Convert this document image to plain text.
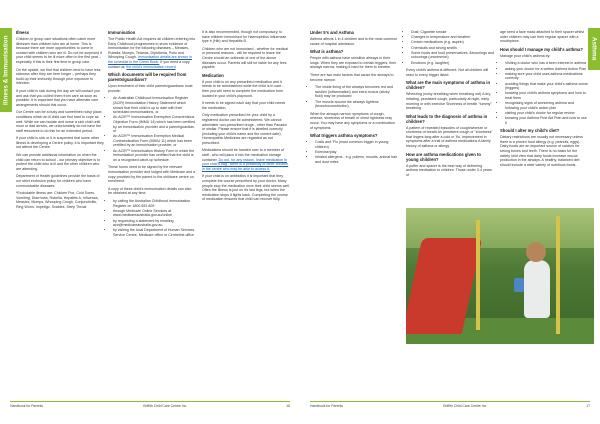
Illness & Immunisation
Illness

Children in group care situations often catch more illnesses than children who are at home. This is because there are more opportunities to come in contact with children who are ill. Do not be surprised if your child seems to be ill more often in the first year – especially if this is their first time in group care.

On the upside, we find that children tend to have less sickness after they are here longer – perhaps they build up their immunity through prior exposure to infection.

If your child is sick during the day we will contact you and ask that you collect them from care as soon as possible. It is important that you have alternate care arrangements should this occur.

Our Centre can be a busy and sometimes noisy place, conditions which an ill child can find hard to cope as well. While we can isolate and nurse a sick child until mum or dad arrives, we unfortunately do not have the staff resources to do this for an extended period.

If your child is sick or it is suspected that some other illness is developing a Centre policy, it is important they not attend the Centre.

We can provide additional information on when the child can return to school - our primary objective is to protect the child who is ill and the other children who are attending.

Department of Health guidelines provide the basis of our strict exclusion policy for children who have communicable diseases.

*Excludable illness are: Chicken Pox, Cold Sores, Vomiting, Diarrhoea, Rubella, Hepatitis A, Influenza, Measles, Mumps, Whooping Cough, Conjunctivitis, Ring Worm, Impetigo, Scabies, Strep Throat

Immunisation

The Public Health Act requires all children entering into Early Childhood programmes to show evidence of Immunisation for the following diseases – Measles, Rubella, Mumps, Tetanus, Diphtheria, Polio and Whooping Cough. Immunisation details are shown in the schedule in the Green Book. If you need a copy contact us. the child's immunisation record

Which documents will be required from parents/guardians?

Upon enrolment of their child parents/guardians must provide:

• An Australian Childhood Immunisation Register (ACIR) Immunisation History Statement which shows that their child is up to date with their scheduled immunisations, or
• An ACIR™ Immunisation Exemption Conscientious Objection Form (IMMU 14) which has been certified by an immunisation provider and a parent/guardian, or
• An ACIR™ Immunisation Exemption Medical Contraindication Form (IMMU 11) which has been certified by an immunisation provider, or
• An ACIR™ Immunisation History Form in which the immunisation provider has certified that the child is on a recognised catch-up schedule.

These forms need to be signed by the relevant immunisation provider and lodged with Medicare and a copy provided by the parent to the childcare centre on enrolment.

A copy of these child's immunisation details can also be obtained at any time:

• by calling the Australian Childhood Immunisation Register on 1800 653 809
• through Medicare Online Services at www.medicareaustralia.gov.au/online
• by requesting a statement by emailing acir@medicareaustralia.gov.au
• by visiting the local Department of Human Services Service Centre, Medicare office or Centrelink office

It is also recommended, though not compulsory, to have children immunised for Haemophilus influenzae type b (Hib) and Hepatitis B.

Children who are not immunised - whether for medical or personal reasons - will be required to leave the Centre should an outbreak of one of the above diseases occur. Parents will still be liable for any fees payable.

Medication

If your child is on any prescribed medication and it needs to be administered while the child is in care - then you will need to complete the medication form located in your child's playroom.

It needs to be signed each day that your child needs the medication.

Only medication prescribed for your child by a registered doctor can be administered. We cannot administer non-prescribed drugs - other than Panadol or similar. Please ensure that it is labelled correctly (including your child's name and the current date). Homeopathic Medicines are regarded as not prescribed.

Medications should be handed over to a member of staff - who will place it into the medication storage container. Do not, for any reason, leave medication in your child's bag - there is a possibility of other children in the centre who may be able to access it.

If your child is on antibiotics it is important that they complete the course prescribed by your doctor. Many people stop the medication once their child seems well. Often the illness is just on it's last legs, but when the medication stops it fights back. Completing the course of medication ensures that child can recover fully.

Handbook for Parents	Griffith Child Care Centre Inc	16
Asthma
Under 5's and Asthma

Asthma affects 1 in 4 children and is the most common cause of hospital admission.

What is asthma?

People with asthma have sensitive airways in their lungs. When they are exposed to certain triggers, their airways narrow, making it hard for them to breathe.

There are two main factors that cause the airways to become narrow:

• The inside lining of the airways becomes red and swollen (inflammation) and extra mucus (sticky fluid) may be produced
• The muscle around the airways tightens (bronchoconstriction).

When the airways narrow, symptoms of cough, wheeze, shortness of breath or chest tightness may occur. You may have any symptoms or a combination of symptoms.

What triggers asthma symptoms?
• Colds and 'Flu (most common trigger in young children)
• Exercise/play
• Inhaled allergens - e.g. pollens, moulds, animal hair and dust mites
• Dust; Cigarette smoke
• Changes in temperature and weather
• Certain medications (e.g. aspirin)
• Chemicals and strong smells
• Some foods and food preservatives, flavourings and colourings (uncommon)
• Emotions (e.g. laughter)

Every child's asthma is different. Not all children will react to every trigger listed.

What are the main symptoms of asthma in children?

Wheezing (noisy breathing when breathing out) A dry, irritating, persistent cough, particularly at night, early morning or with exercise Shortness of breath "tummy" breathing

What leads to the diagnosis of asthma in children?

A pattern of repeated episodes of cough/wheeze or shortness of breath An persistent cough or "shortness" that lingers long after a cold or 'flu. Improvement in symptoms after a trial of asthma medications A family history of asthma or allergy

How are asthma medications given to young children?

A puffer and spacer is the best way of delivering asthma medication to children. Those under 3-4 years of

age need a face mask attached to their spacer whilst older children may use their regular spacer with a mouthpiece.

How should I manage my child's asthma?

Manage your child's asthma by:

• Visiting a doctor who has a keen interest in asthma
• asking your doctor for a written Asthma Action Plan
• making sure your child uses asthma medications correctly
• avoiding things that make your child's asthma worse (triggers)
• knowing your child's asthma symptoms and how to treat them
• recognising signs of worsening asthma and following your child's action plan
• visiting your child's doctor for regular review
• knowing your Asthma First Aid Plan and how to use it
Should I alter my child's diet?

Dietary restrictions are usually not necessary unless there is a proven food allergy (e.g. peanuts, eggs). Dairy foods are an important source of calcium for strong bones and teeth. There is no basis for the widely held view that dairy foods increase mucus production in the airways. A healthy, balanced diet should include a wide variety of nutritious foods.

Handbook for Parents	Griffith Child Care Centre Inc	17
